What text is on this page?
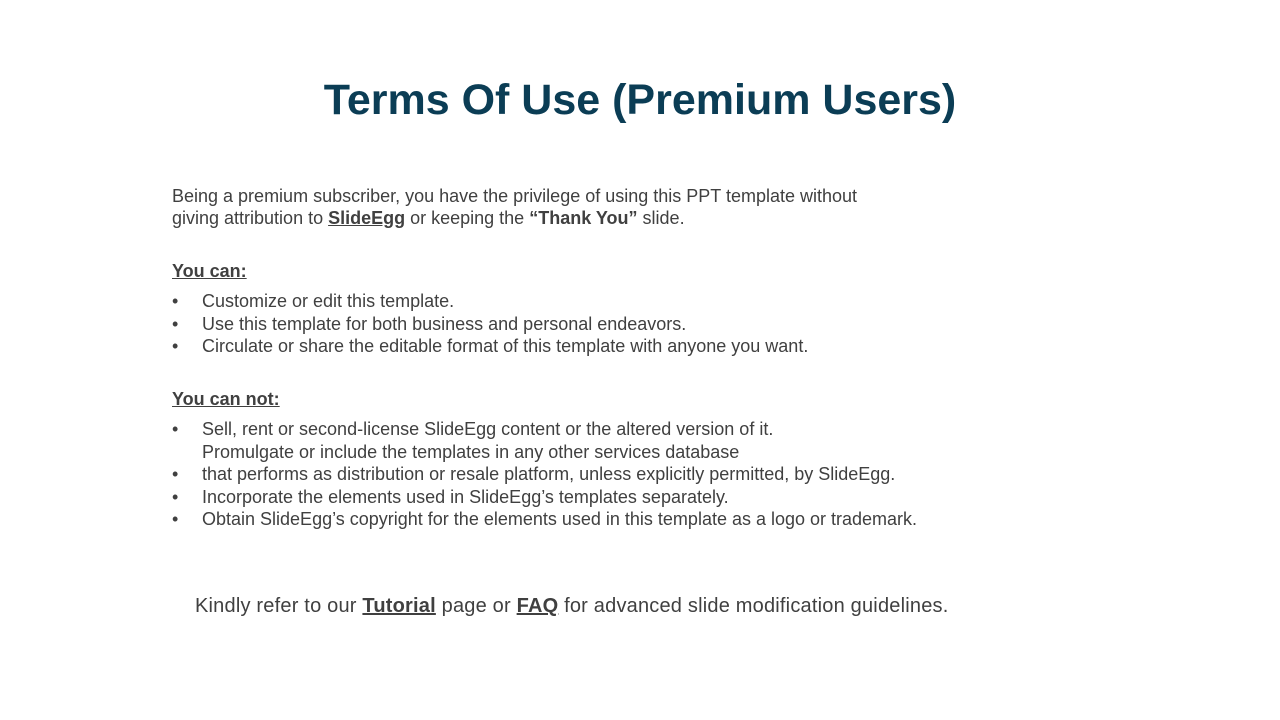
Terms Of Use (Premium Users)

Being a premium subscriber, you have the privilege of using this PPT template without giving attribution to SlideEgg or keeping the “Thank You” slide.

You can:

• Customize or edit this template.
• Use this template for both business and personal endeavors.
• Circulate or share the editable format of this template with anyone you want.

You can not:

• Sell, rent or second-license SlideEgg content or the altered version of it.
Promulgate or include the templates in any other services database
• that performs as distribution or resale platform, unless explicitly permitted, by SlideEgg.
• Incorporate the elements used in SlideEgg’s templates separately.
• Obtain SlideEgg’s copyright for the elements used in this template as a logo or trademark.

Kindly refer to our Tutorial page or FAQ for advanced slide modification guidelines.
